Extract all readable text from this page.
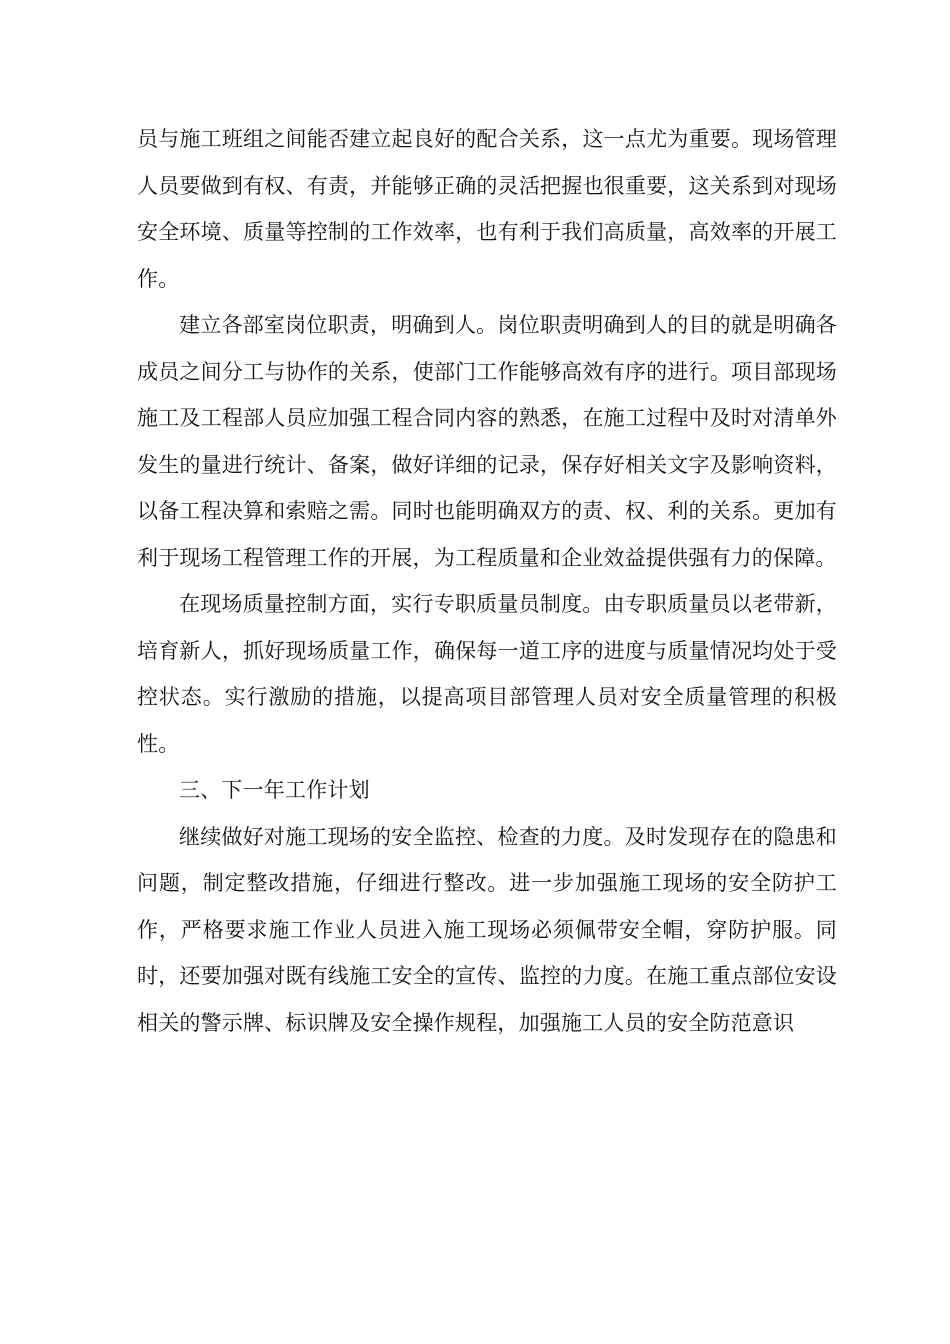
员与施工班组之间能否建立起良好的配合关系，这一点尤为重要。现场管理人员要做到有权、有责，并能够正确的灵活把握也很重要，这关系到对现场安全环境、质量等控制的工作效率，也有利于我们高质量，高效率的开展工作。

建立各部室岗位职责，明确到人。岗位职责明确到人的目的就是明确各成员之间分工与协作的关系，使部门工作能够高效有序的进行。项目部现场施工及工程部人员应加强工程合同内容的熟悉，在施工过程中及时对清单外发生的量进行统计、备案，做好详细的记录，保存好相关文字及影响资料，以备工程决算和索赔之需。同时也能明确双方的责、权、利的关系。更加有利于现场工程管理工作的开展，为工程质量和企业效益提供强有力的保障。

在现场质量控制方面，实行专职质量员制度。由专职质量员以老带新，培育新人，抓好现场质量工作，确保每一道工序的进度与质量情况均处于受控状态。实行激励的措施，以提高项目部管理人员对安全质量管理的积极性。

三、下一年工作计划

继续做好对施工现场的安全监控、检查的力度。及时发现存在的隐患和问题，制定整改措施，仔细进行整改。进一步加强施工现场的安全防护工作，严格要求施工作业人员进入施工现场必须佩带安全帽，穿防护服。同时，还要加强对既有线施工安全的宣传、监控的力度。在施工重点部位安设相关的警示牌、标识牌及安全操作规程，加强施工人员的安全防范意识
